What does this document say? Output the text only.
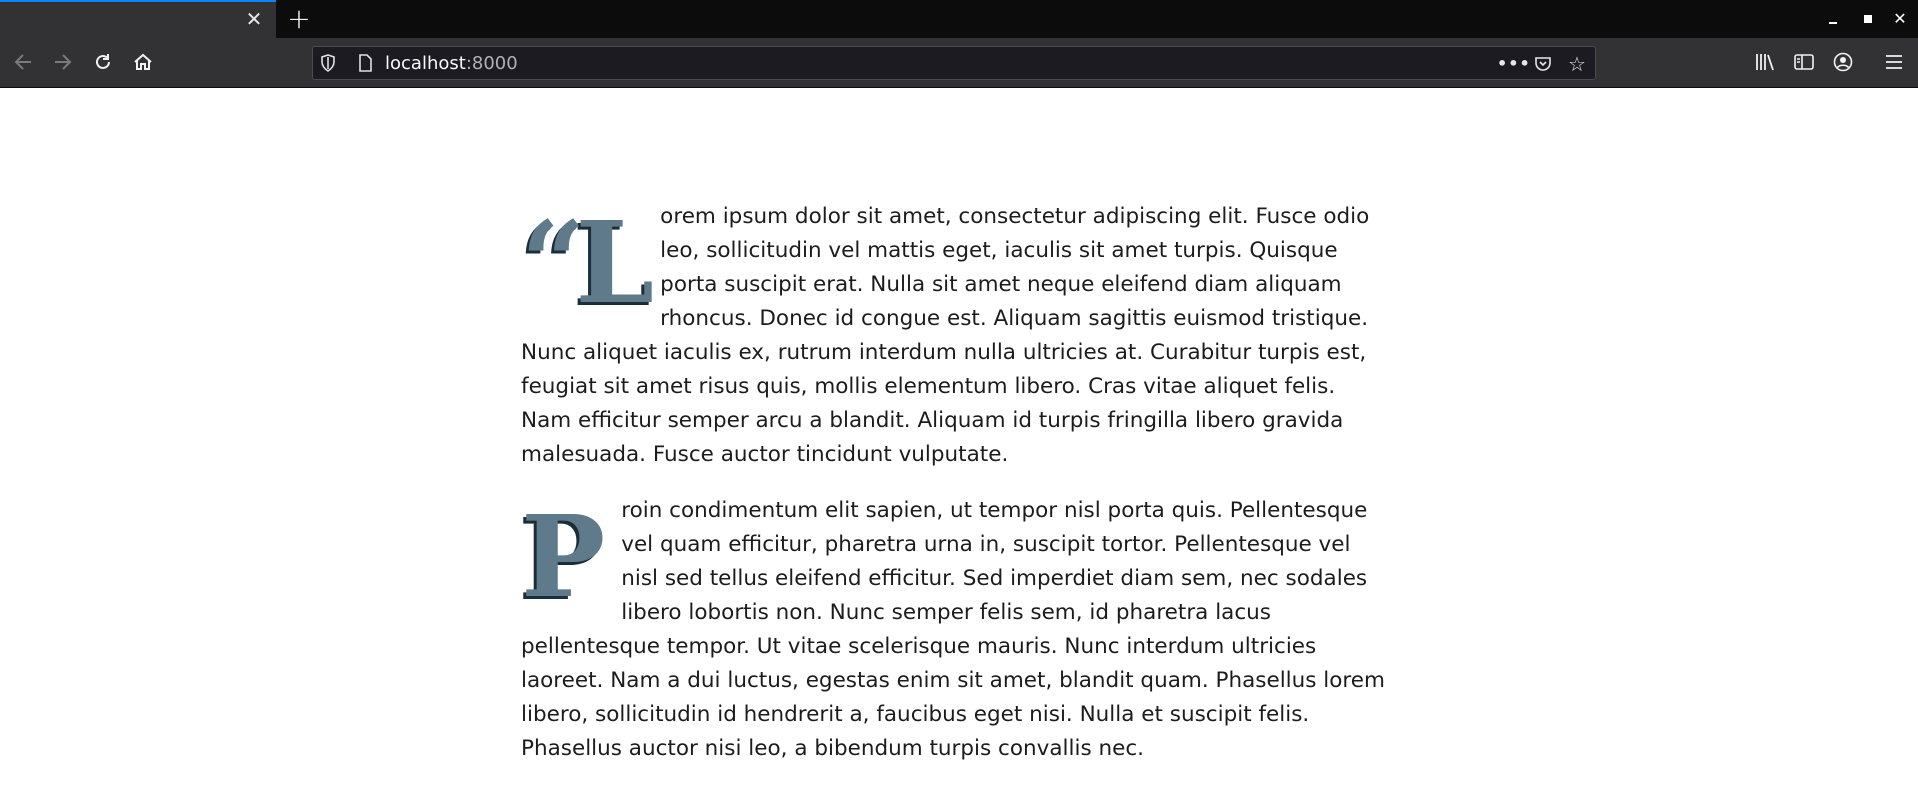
✕ +	✕
localhost:8000	••• ☆

“Lorem ipsum dolor sit amet, consectetur adipiscing elit. Fusce odio leo, sollicitudin vel mattis eget, iaculis sit amet turpis. Quisque porta suscipit erat. Nulla sit amet neque eleifend diam aliquam rhoncus. Donec id congue est. Aliquam sagittis euismod tristique. Nunc aliquet iaculis ex, rutrum interdum nulla ultricies at. Curabitur turpis est, feugiat sit amet risus quis, mollis elementum libero. Cras vitae aliquet felis. Nam efficitur semper arcu a blandit. Aliquam id turpis fringilla libero gravida malesuada. Fusce auctor tincidunt vulputate.

Proin condimentum elit sapien, ut tempor nisl porta quis. Pellentesque vel quam efficitur, pharetra urna in, suscipit tortor. Pellentesque vel nisl sed tellus eleifend efficitur. Sed imperdiet diam sem, nec sodales libero lobortis non. Nunc semper felis sem, id pharetra lacus pellentesque tempor. Ut vitae scelerisque mauris. Nunc interdum ultricies laoreet. Nam a dui luctus, egestas enim sit amet, blandit quam. Phasellus lorem libero, sollicitudin id hendrerit a, faucibus eget nisi. Nulla et suscipit felis. Phasellus auctor nisi leo, a bibendum turpis convallis nec.
